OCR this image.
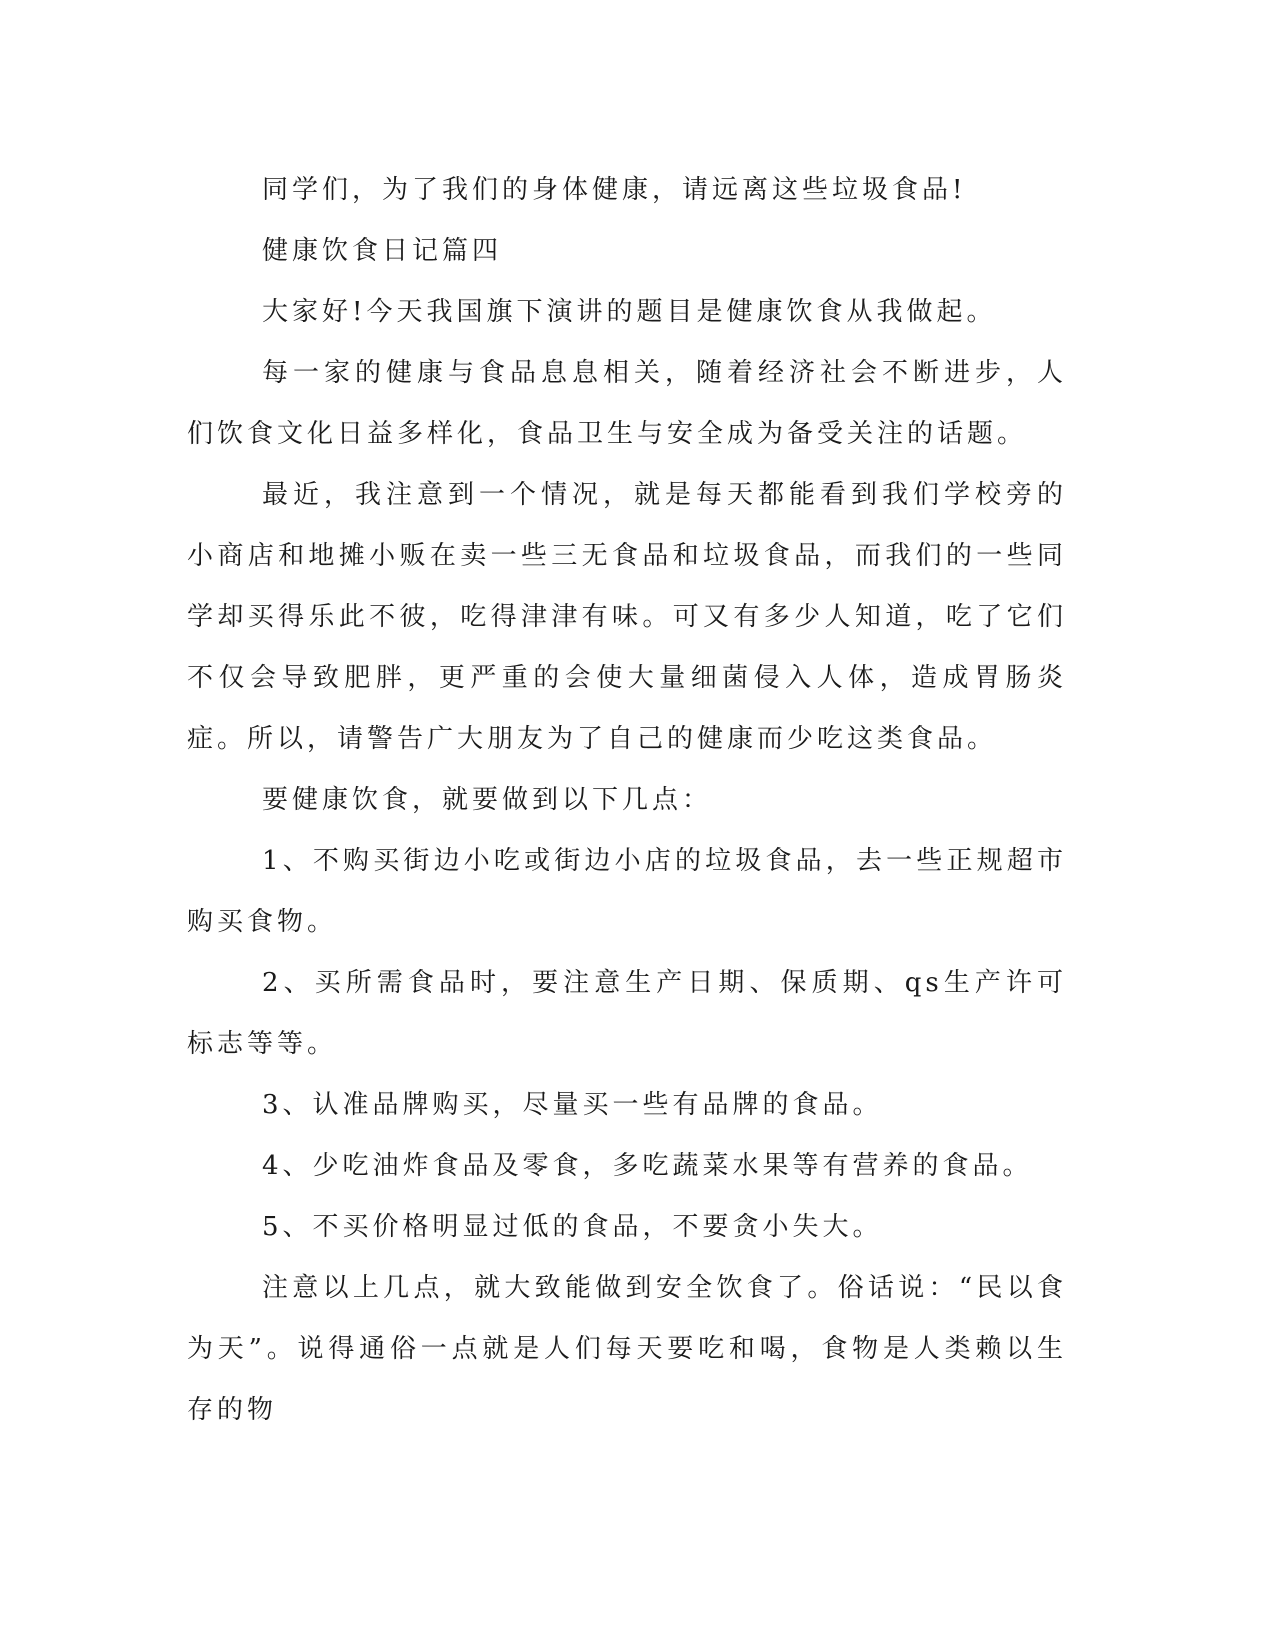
同学们，为了我们的身体健康，请远离这些垃圾食品!

健康饮食日记篇四

大家好!今天我国旗下演讲的题目是健康饮食从我做起。

每一家的健康与食品息息相关，随着经济社会不断进步，人们饮食文化日益多样化，食品卫生与安全成为备受关注的话题。

最近，我注意到一个情况，就是每天都能看到我们学校旁的小商店和地摊小贩在卖一些三无食品和垃圾食品，而我们的一些同学却买得乐此不彼，吃得津津有味。可又有多少人知道，吃了它们不仅会导致肥胖，更严重的会使大量细菌侵入人体，造成胃肠炎症。所以，请警告广大朋友为了自己的健康而少吃这类食品。

要健康饮食，就要做到以下几点：

1、不购买街边小吃或街边小店的垃圾食品，去一些正规超市购买食物。

2、买所需食品时，要注意生产日期、保质期、qs生产许可标志等等。

3、认准品牌购买，尽量买一些有品牌的食品。

4、少吃油炸食品及零食，多吃蔬菜水果等有营养的食品。

5、不买价格明显过低的食品，不要贪小失大。

注意以上几点，就大致能做到安全饮食了。俗话说：“民以食为天”。说得通俗一点就是人们每天要吃和喝，食物是人类赖以生存的物
